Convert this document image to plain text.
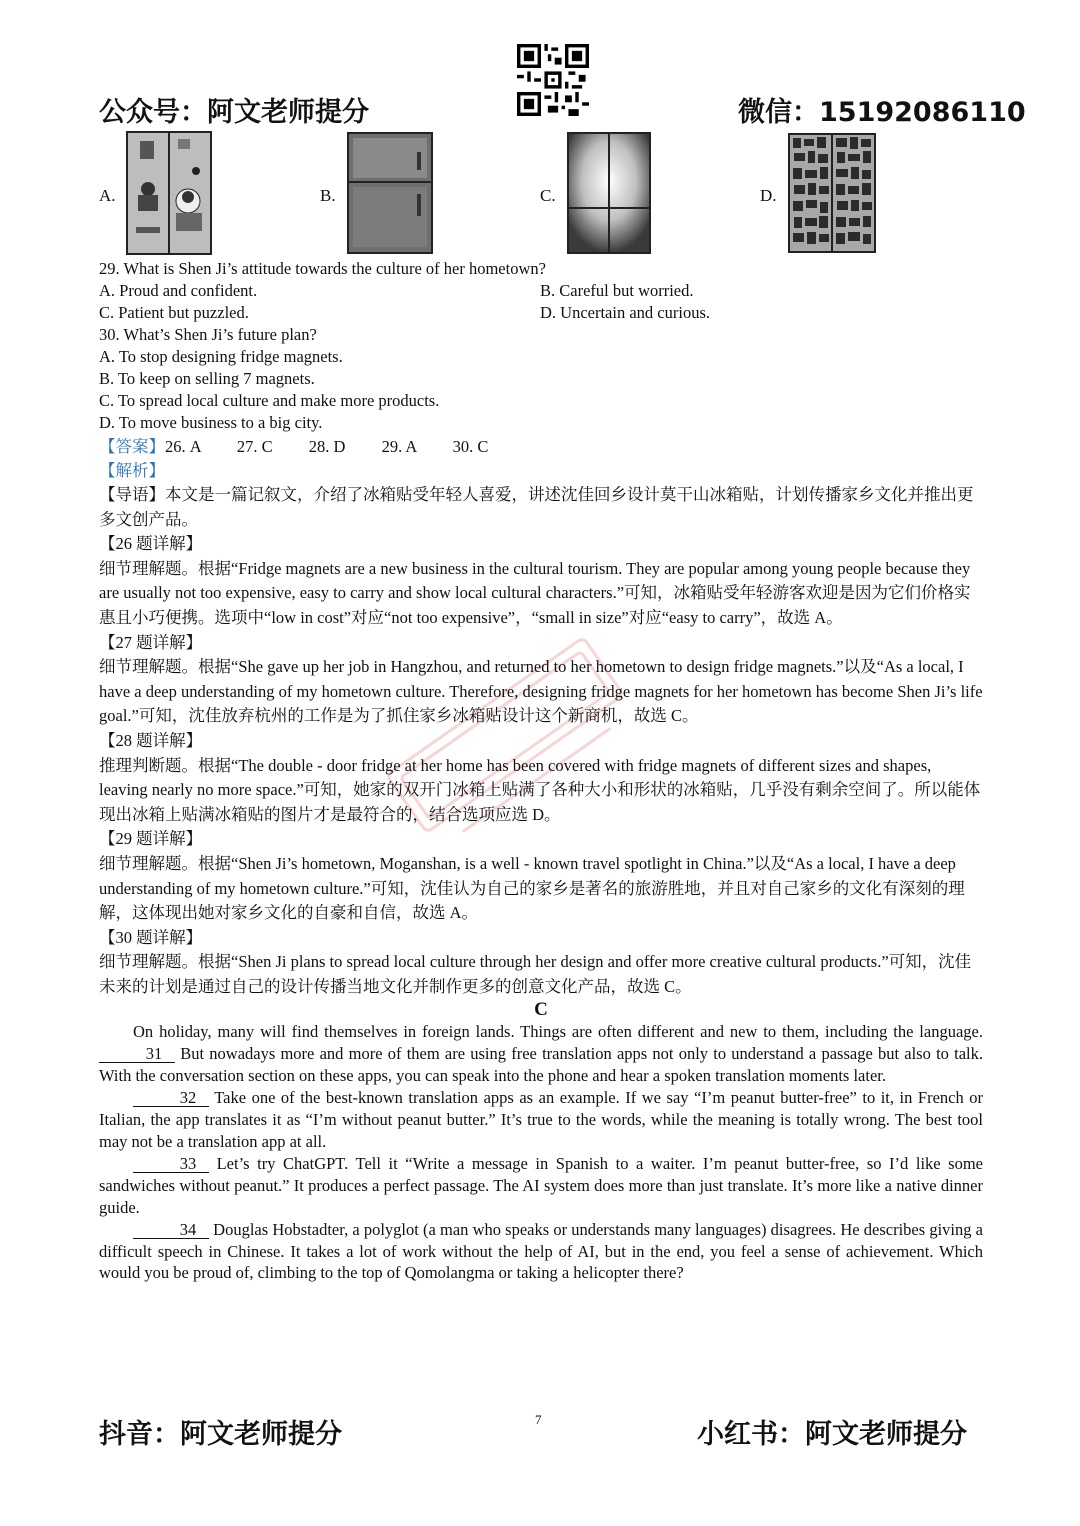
公众号：阿文老师提分	微信：15192086110
A.	B.	C.	D.
29. What is Shen Ji’s attitude towards the culture of her hometown?
A. Proud and confident.	B. Careful but worried.
C. Patient but puzzled.	D. Uncertain and curious.
30. What’s Shen Ji’s future plan?
A. To stop designing fridge magnets.
B. To keep on selling 7 magnets.
C. To spread local culture and make more products.
D. To move business to a big city.
【答案】26. A 27. C 28. D 29. A 30. C
【解析】

【导语】本文是一篇记叙文，介绍了冰箱贴受年轻人喜爱，讲述沈佳回乡设计莫干山冰箱贴，计划传播家乡文化并推出更多文创产品。

【26 题详解】

细节理解题。根据“Fridge magnets are a new business in the cultural tourism. They are popular among young people because they are usually not too expensive, easy to carry and show local cultural characters.”可知，冰箱贴受年轻游客欢迎是因为它们价格实惠且小巧便携。选项中“low in cost”对应“not too expensive”，“small in size”对应“easy to carry”，故选 A。

【27 题详解】

细节理解题。根据“She gave up her job in Hangzhou, and returned to her hometown to design fridge magnets.”以及“As a local, I have a deep understanding of my hometown culture. Therefore, designing fridge magnets for her hometown has become Shen Ji’s life goal.”可知，沈佳放弃杭州的工作是为了抓住家乡冰箱贴设计这个新商机，故选 C。

【28 题详解】

推理判断题。根据“The double - door fridge at her home has been covered with fridge magnets of different sizes and shapes, leaving nearly no more space.”可知，她家的双开门冰箱上贴满了各种大小和形状的冰箱贴，几乎没有剩余空间了。所以能体现出冰箱上贴满冰箱贴的图片才是最符合的，结合选项应选 D。

【29 题详解】

细节理解题。根据“Shen Ji’s hometown, Moganshan, is a well - known travel spotlight in China.”以及“As a local, I have a deep understanding of my hometown culture.”可知，沈佳认为自己的家乡是著名的旅游胜地，并且对自己家乡的文化有深刻的理解，这体现出她对家乡文化的自豪和自信，故选 A。

【30 题详解】

细节理解题。根据“Shen Ji plans to spread local culture through her design and offer more creative cultural products.”可知，沈佳未来的计划是通过自己的设计传播当地文化并制作更多的创意文化产品，故选 C。

C

On holiday, many will find themselves in foreign lands. Things are often different and new to them, including the language. 31 But nowadays more and more of them are using free translation apps not only to understand a passage but also to talk. With the conversation section on these apps, you can speak into the phone and hear a spoken translation moments later.

32 Take one of the best-known translation apps as an example. If we say “I’m peanut butter-free” to it, in French or Italian, the app translates it as “I’m without peanut butter.” It’s true to the words, while the meaning is totally wrong. The best tool may not be a translation app at all.

33 Let’s try ChatGPT. Tell it “Write a message in Spanish to a waiter. I’m peanut butter-free, so I’d like some sandwiches without peanut.” It produces a perfect passage. The AI system does more than just translate. It’s more like a native dinner guide.

34 Douglas Hobstadter, a polyglot (a man who speaks or understands many languages) disagrees. He describes giving a difficult speech in Chinese. It takes a lot of work without the help of AI, but in the end, you feel a sense of achievement. Which would you be proud of, climbing to the top of Qomolangma or taking a helicopter there?

7
抖音：阿文老师提分	小红书：阿文老师提分
